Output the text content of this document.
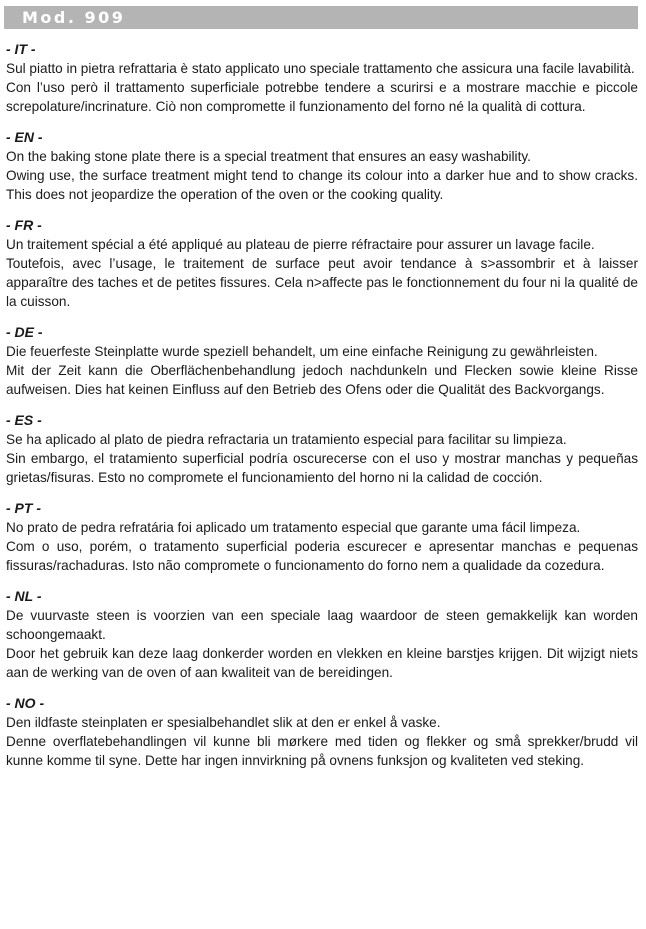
Mod. 909

- IT -

Sul piatto in pietra refrattaria è stato applicato uno speciale trattamento che assicura una facile lavabilità.

Con l’uso però il trattamento superficiale potrebbe tendere a scurirsi e a mostrare macchie e piccole screpolature/incrinature. Ciò non compromette il funzionamento del forno né la qualità di cottura.

- EN -

On the baking stone plate there is a special treatment that ensures an easy washability.

Owing use, the surface treatment might tend to change its colour into a darker hue and to show cracks. This does not jeopardize the operation of the oven or the cooking quality.

- FR -

Un traitement spécial a été appliqué au plateau de pierre réfractaire pour assurer un lavage facile.

Toutefois, avec l’usage, le traitement de surface peut avoir tendance à s>assombrir et à laisser apparaître des taches et de petites fissures. Cela n>affecte pas le fonctionnement du four ni la qualité de la cuisson.

- DE -

Die feuerfeste Steinplatte wurde speziell behandelt, um eine einfache Reinigung zu gewährleisten.

Mit der Zeit kann die Oberflächenbehandlung jedoch nachdunkeln und Flecken sowie kleine Risse aufweisen. Dies hat keinen Einfluss auf den Betrieb des Ofens oder die Qualität des Backvorgangs.

- ES -

Se ha aplicado al plato de piedra refractaria un tratamiento especial para facilitar su limpieza.

Sin embargo, el tratamiento superficial podría oscurecerse con el uso y mostrar manchas y pequeñas grietas/fisuras. Esto no compromete el funcionamiento del horno ni la calidad de cocción.

- PT -

No prato de pedra refratária foi aplicado um tratamento especial que garante uma fácil limpeza.

Com o uso, porém, o tratamento superficial poderia escurecer e apresentar manchas e pequenas fissuras/rachaduras. Isto não compromete o funcionamento do forno nem a qualidade da cozedura.

- NL -

De vuurvaste steen is voorzien van een speciale laag waardoor de steen gemakkelijk kan worden schoongemaakt.

Door het gebruik kan deze laag donkerder worden en vlekken en kleine barstjes krijgen. Dit wijzigt niets aan de werking van de oven of aan kwaliteit van de bereidingen.

- NO -

Den ildfaste steinplaten er spesialbehandlet slik at den er enkel å vaske.

Denne overflatebehandlingen vil kunne bli mørkere med tiden og flekker og små sprekker/brudd vil kunne komme til syne. Dette har ingen innvirkning på ovnens funksjon og kvaliteten ved steking.
